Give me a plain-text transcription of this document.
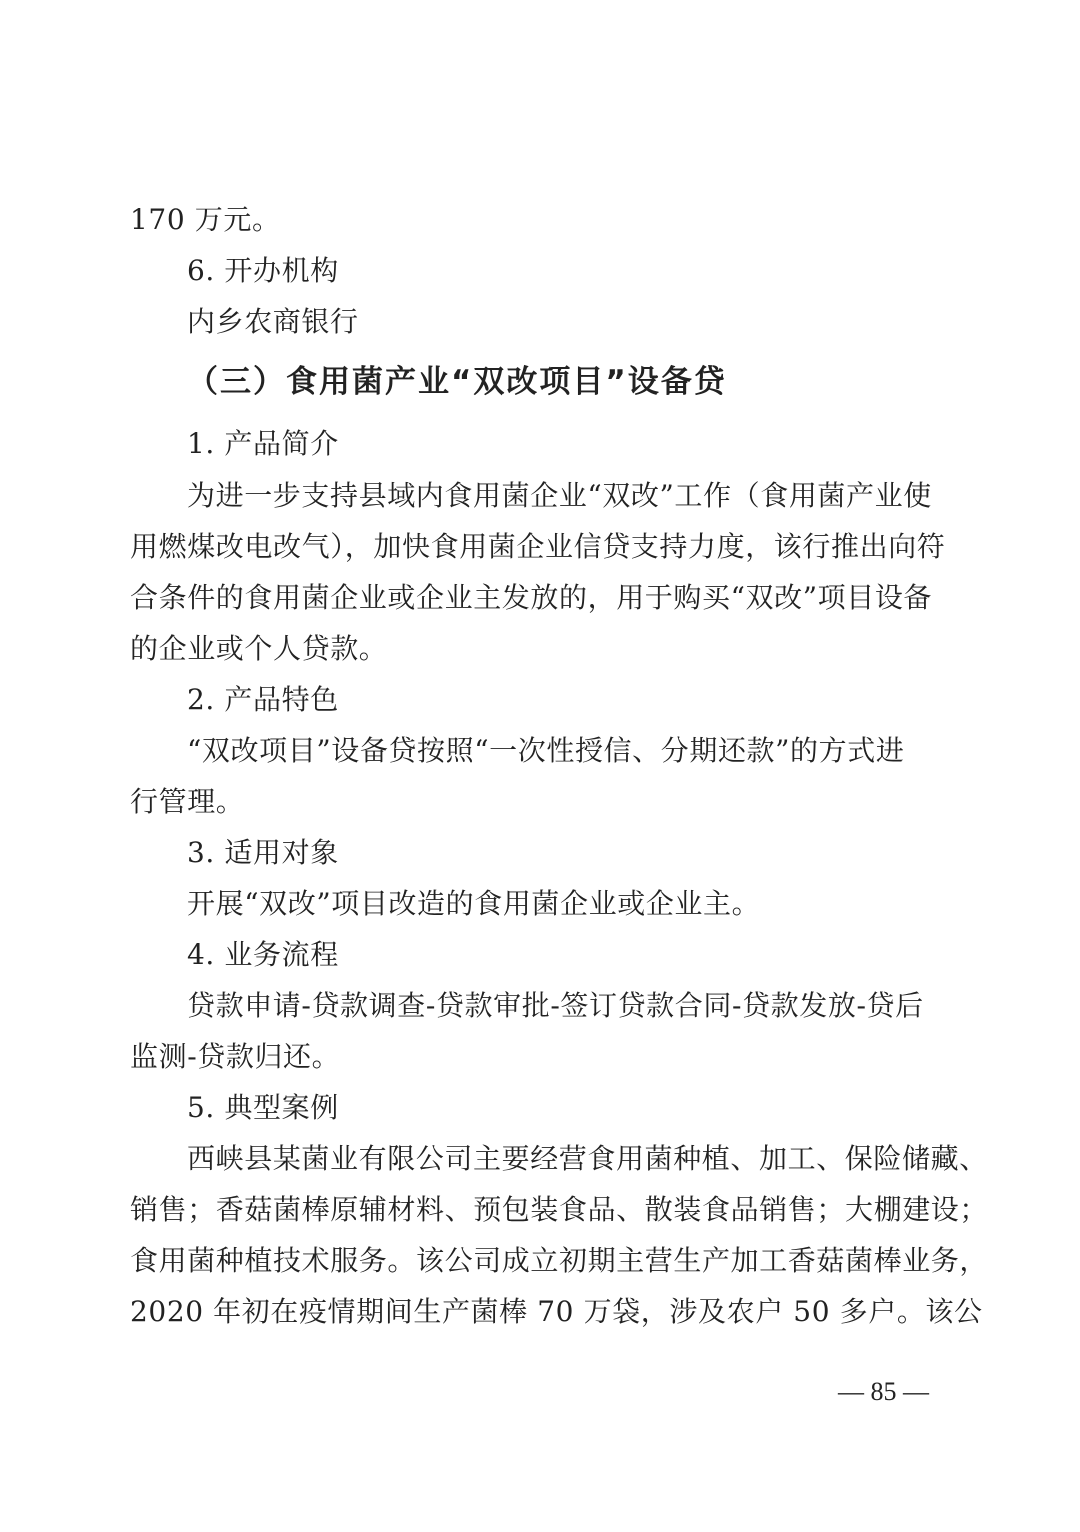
170 万元。
6. 开办机构
内乡农商银行
（三）食用菌产业“双改项目”设备贷
1. 产品简介
为进一步支持县域内食用菌企业“双改”工作（食用菌产业使
用燃煤改电改气），加快食用菌企业信贷支持力度，该行推出向符
合条件的食用菌企业或企业主发放的，用于购买“双改”项目设备
的企业或个人贷款。
2. 产品特色
“双改项目”设备贷按照“一次性授信、分期还款”的方式进
行管理。
3. 适用对象
开展“双改”项目改造的食用菌企业或企业主。
4. 业务流程
贷款申请-贷款调查-贷款审批-签订贷款合同-贷款发放-贷后
监测-贷款归还。
5. 典型案例
西峡县某菌业有限公司主要经营食用菌种植、加工、保险储藏、
销售；香菇菌棒原辅材料、预包装食品、散装食品销售；大棚建设；
食用菌种植技术服务。该公司成立初期主营生产加工香菇菌棒业务，
2020 年初在疫情期间生产菌棒 70 万袋，涉及农户 50 多户。该公
— 85 —
